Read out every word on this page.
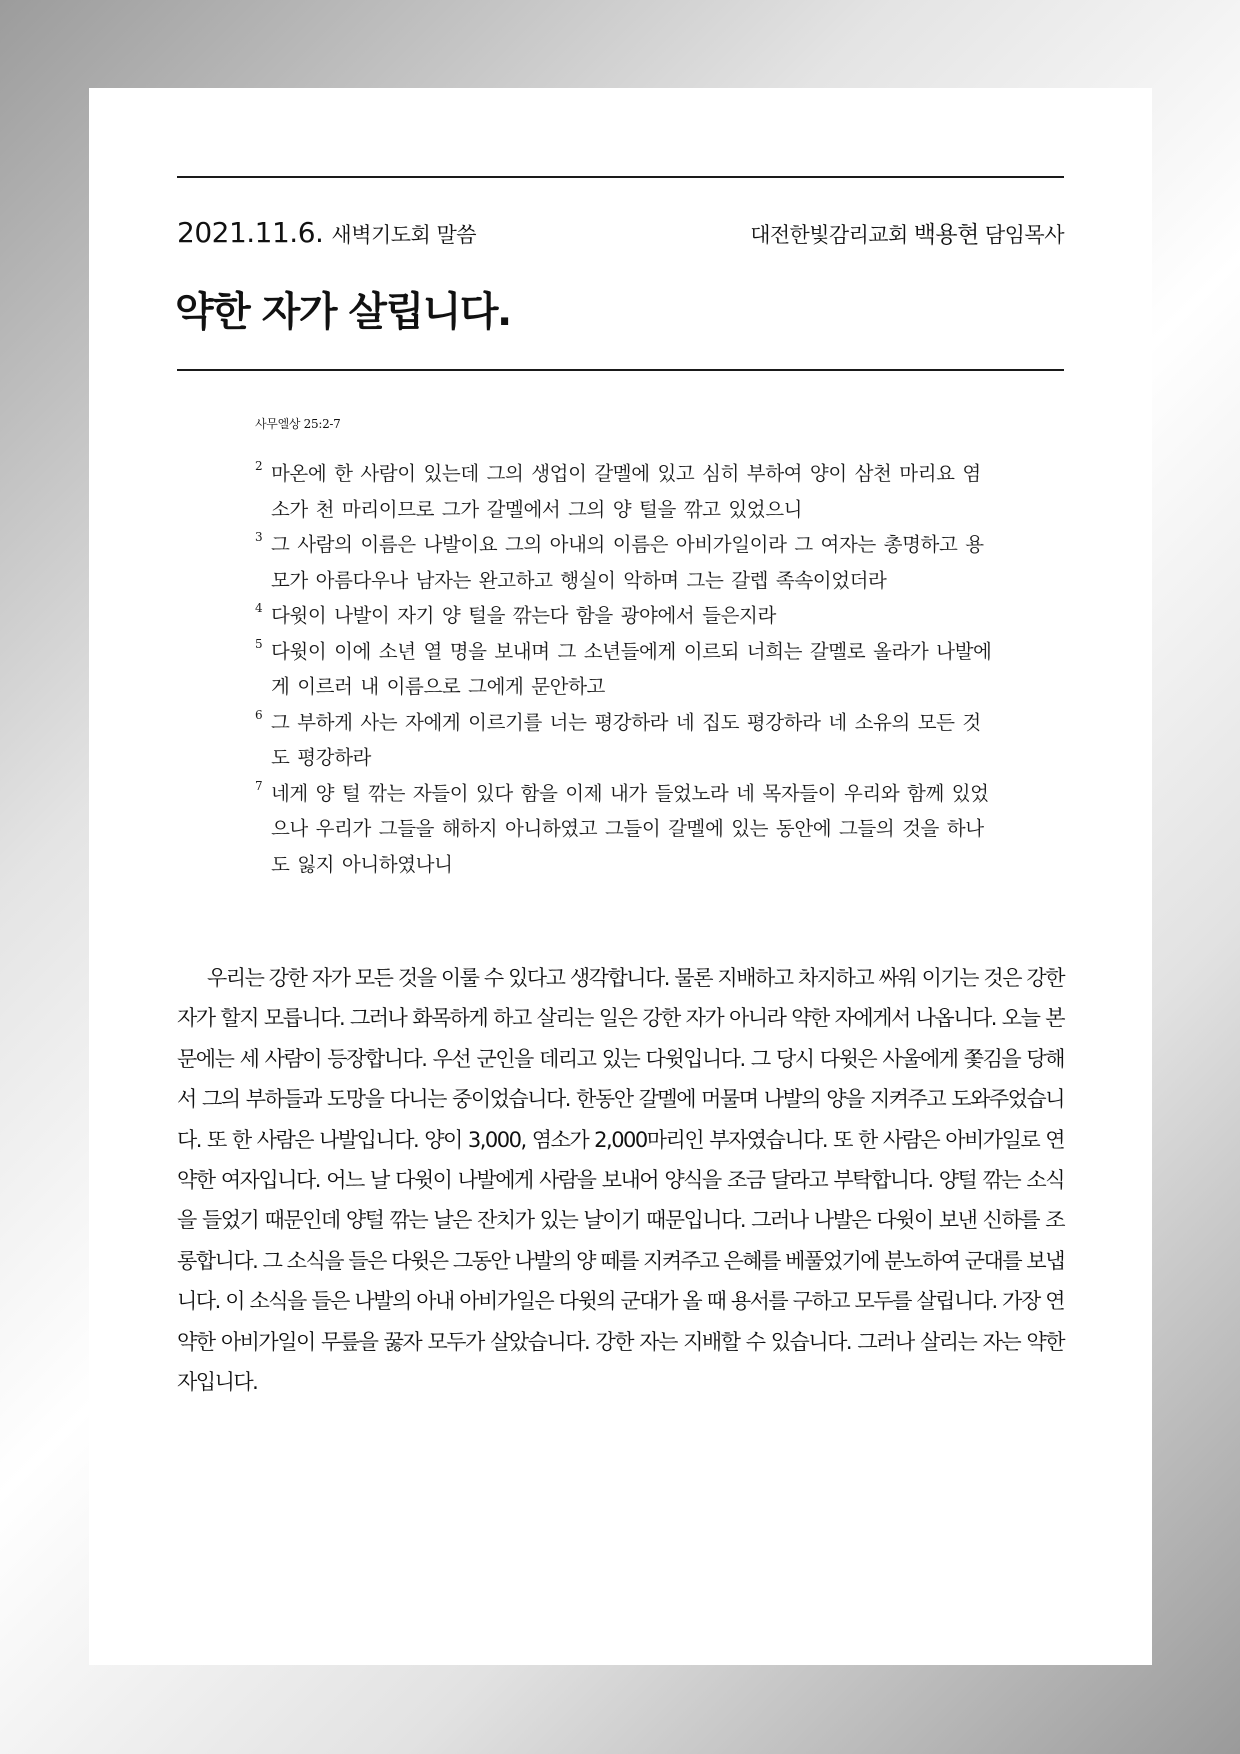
2021.11.6. 새벽기도회 말씀	대전한빛감리교회 백용현 담임목사
약한 자가 살립니다.
사무엘상 25:2-7
2 마온에 한 사람이 있는데 그의 생업이 갈멜에 있고 심히 부하여 양이 삼천 마리요 염소가 천 마리이므로 그가 갈멜에서 그의 양 털을 깎고 있었으니
3 그 사람의 이름은 나발이요 그의 아내의 이름은 아비가일이라 그 여자는 총명하고 용모가 아름다우나 남자는 완고하고 행실이 악하며 그는 갈렙 족속이었더라
4 다윗이 나발이 자기 양 털을 깎는다 함을 광야에서 들은지라
5 다윗이 이에 소년 열 명을 보내며 그 소년들에게 이르되 너희는 갈멜로 올라가 나발에게 이르러 내 이름으로 그에게 문안하고
6 그 부하게 사는 자에게 이르기를 너는 평강하라 네 집도 평강하라 네 소유의 모든 것도 평강하라
7 네게 양 털 깎는 자들이 있다 함을 이제 내가 들었노라 네 목자들이 우리와 함께 있었으나 우리가 그들을 해하지 아니하였고 그들이 갈멜에 있는 동안에 그들의 것을 하나도 잃지 아니하였나니

우리는 강한 자가 모든 것을 이룰 수 있다고 생각합니다. 물론 지배하고 차지하고 싸워 이기는 것은 강한 자가 할지 모릅니다. 그러나 화목하게 하고 살리는 일은 강한 자가 아니라 약한 자에게서 나옵니다. 오늘 본문에는 세 사람이 등장합니다. 우선 군인을 데리고 있는 다윗입니다. 그 당시 다윗은 사울에게 쫓김을 당해서 그의 부하들과 도망을 다니는 중이었습니다. 한동안 갈멜에 머물며 나발의 양을 지켜주고 도와주었습니다. 또 한 사람은 나발입니다. 양이 3,000, 염소가 2,000마리인 부자였습니다. 또 한 사람은 아비가일로 연약한 여자입니다. 어느 날 다윗이 나발에게 사람을 보내어 양식을 조금 달라고 부탁합니다. 양털 깎는 소식을 들었기 때문인데 양털 깎는 날은 잔치가 있는 날이기 때문입니다. 그러나 나발은 다윗이 보낸 신하를 조롱합니다. 그 소식을 들은 다윗은 그동안 나발의 양 떼를 지켜주고 은혜를 베풀었기에 분노하여 군대를 보냅니다. 이 소식을 들은 나발의 아내 아비가일은 다윗의 군대가 올 때 용서를 구하고 모두를 살립니다. 가장 연약한 아비가일이 무릎을 꿇자 모두가 살았습니다. 강한 자는 지배할 수 있습니다. 그러나 살리는 자는 약한 자입니다.
